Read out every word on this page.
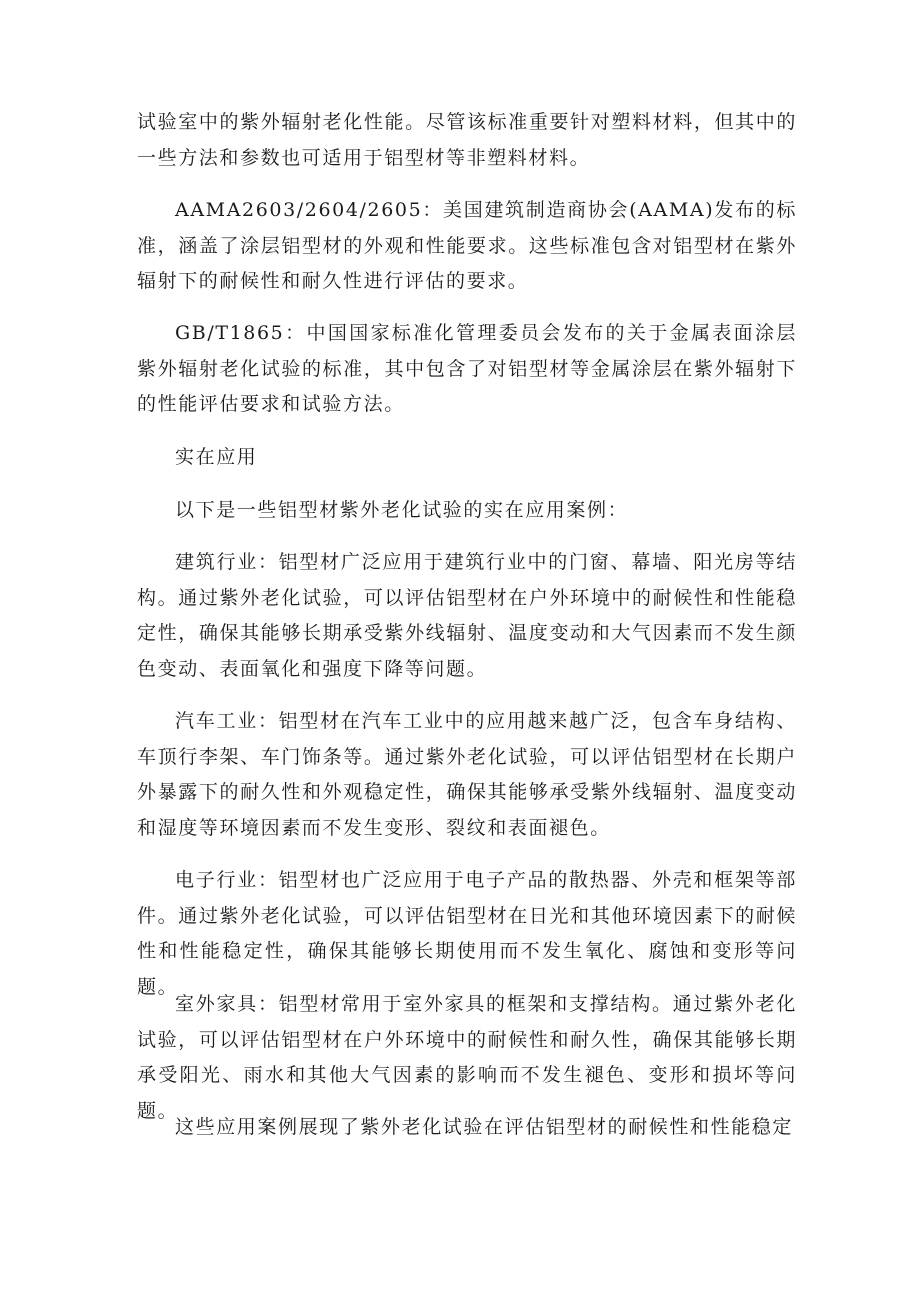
试验室中的紫外辐射老化性能。尽管该标准重要针对塑料材料，但其中的一些方法和参数也可适用于铝型材等非塑料材料。

AAMA2603/2604/2605：美国建筑制造商协会(AAMA)发布的标准，涵盖了涂层铝型材的外观和性能要求。这些标准包含对铝型材在紫外辐射下的耐候性和耐久性进行评估的要求。

GB/T1865：中国国家标准化管理委员会发布的关于金属表面涂层紫外辐射老化试验的标准，其中包含了对铝型材等金属涂层在紫外辐射下的性能评估要求和试验方法。

实在应用

以下是一些铝型材紫外老化试验的实在应用案例：

建筑行业：铝型材广泛应用于建筑行业中的门窗、幕墙、阳光房等结构。通过紫外老化试验，可以评估铝型材在户外环境中的耐候性和性能稳定性，确保其能够长期承受紫外线辐射、温度变动和大气因素而不发生颜色变动、表面氧化和强度下降等问题。

汽车工业：铝型材在汽车工业中的应用越来越广泛，包含车身结构、车顶行李架、车门饰条等。通过紫外老化试验，可以评估铝型材在长期户外暴露下的耐久性和外观稳定性，确保其能够承受紫外线辐射、温度变动和湿度等环境因素而不发生变形、裂纹和表面褪色。

电子行业：铝型材也广泛应用于电子产品的散热器、外壳和框架等部件。通过紫外老化试验，可以评估铝型材在日光和其他环境因素下的耐候性和性能稳定性，确保其能够长期使用而不发生氧化、腐蚀和变形等问题。

室外家具：铝型材常用于室外家具的框架和支撑结构。通过紫外老化试验，可以评估铝型材在户外环境中的耐候性和耐久性，确保其能够长期承受阳光、雨水和其他大气因素的影响而不发生褪色、变形和损坏等问题。

这些应用案例展现了紫外老化试验在评估铝型材的耐候性和性能稳定
